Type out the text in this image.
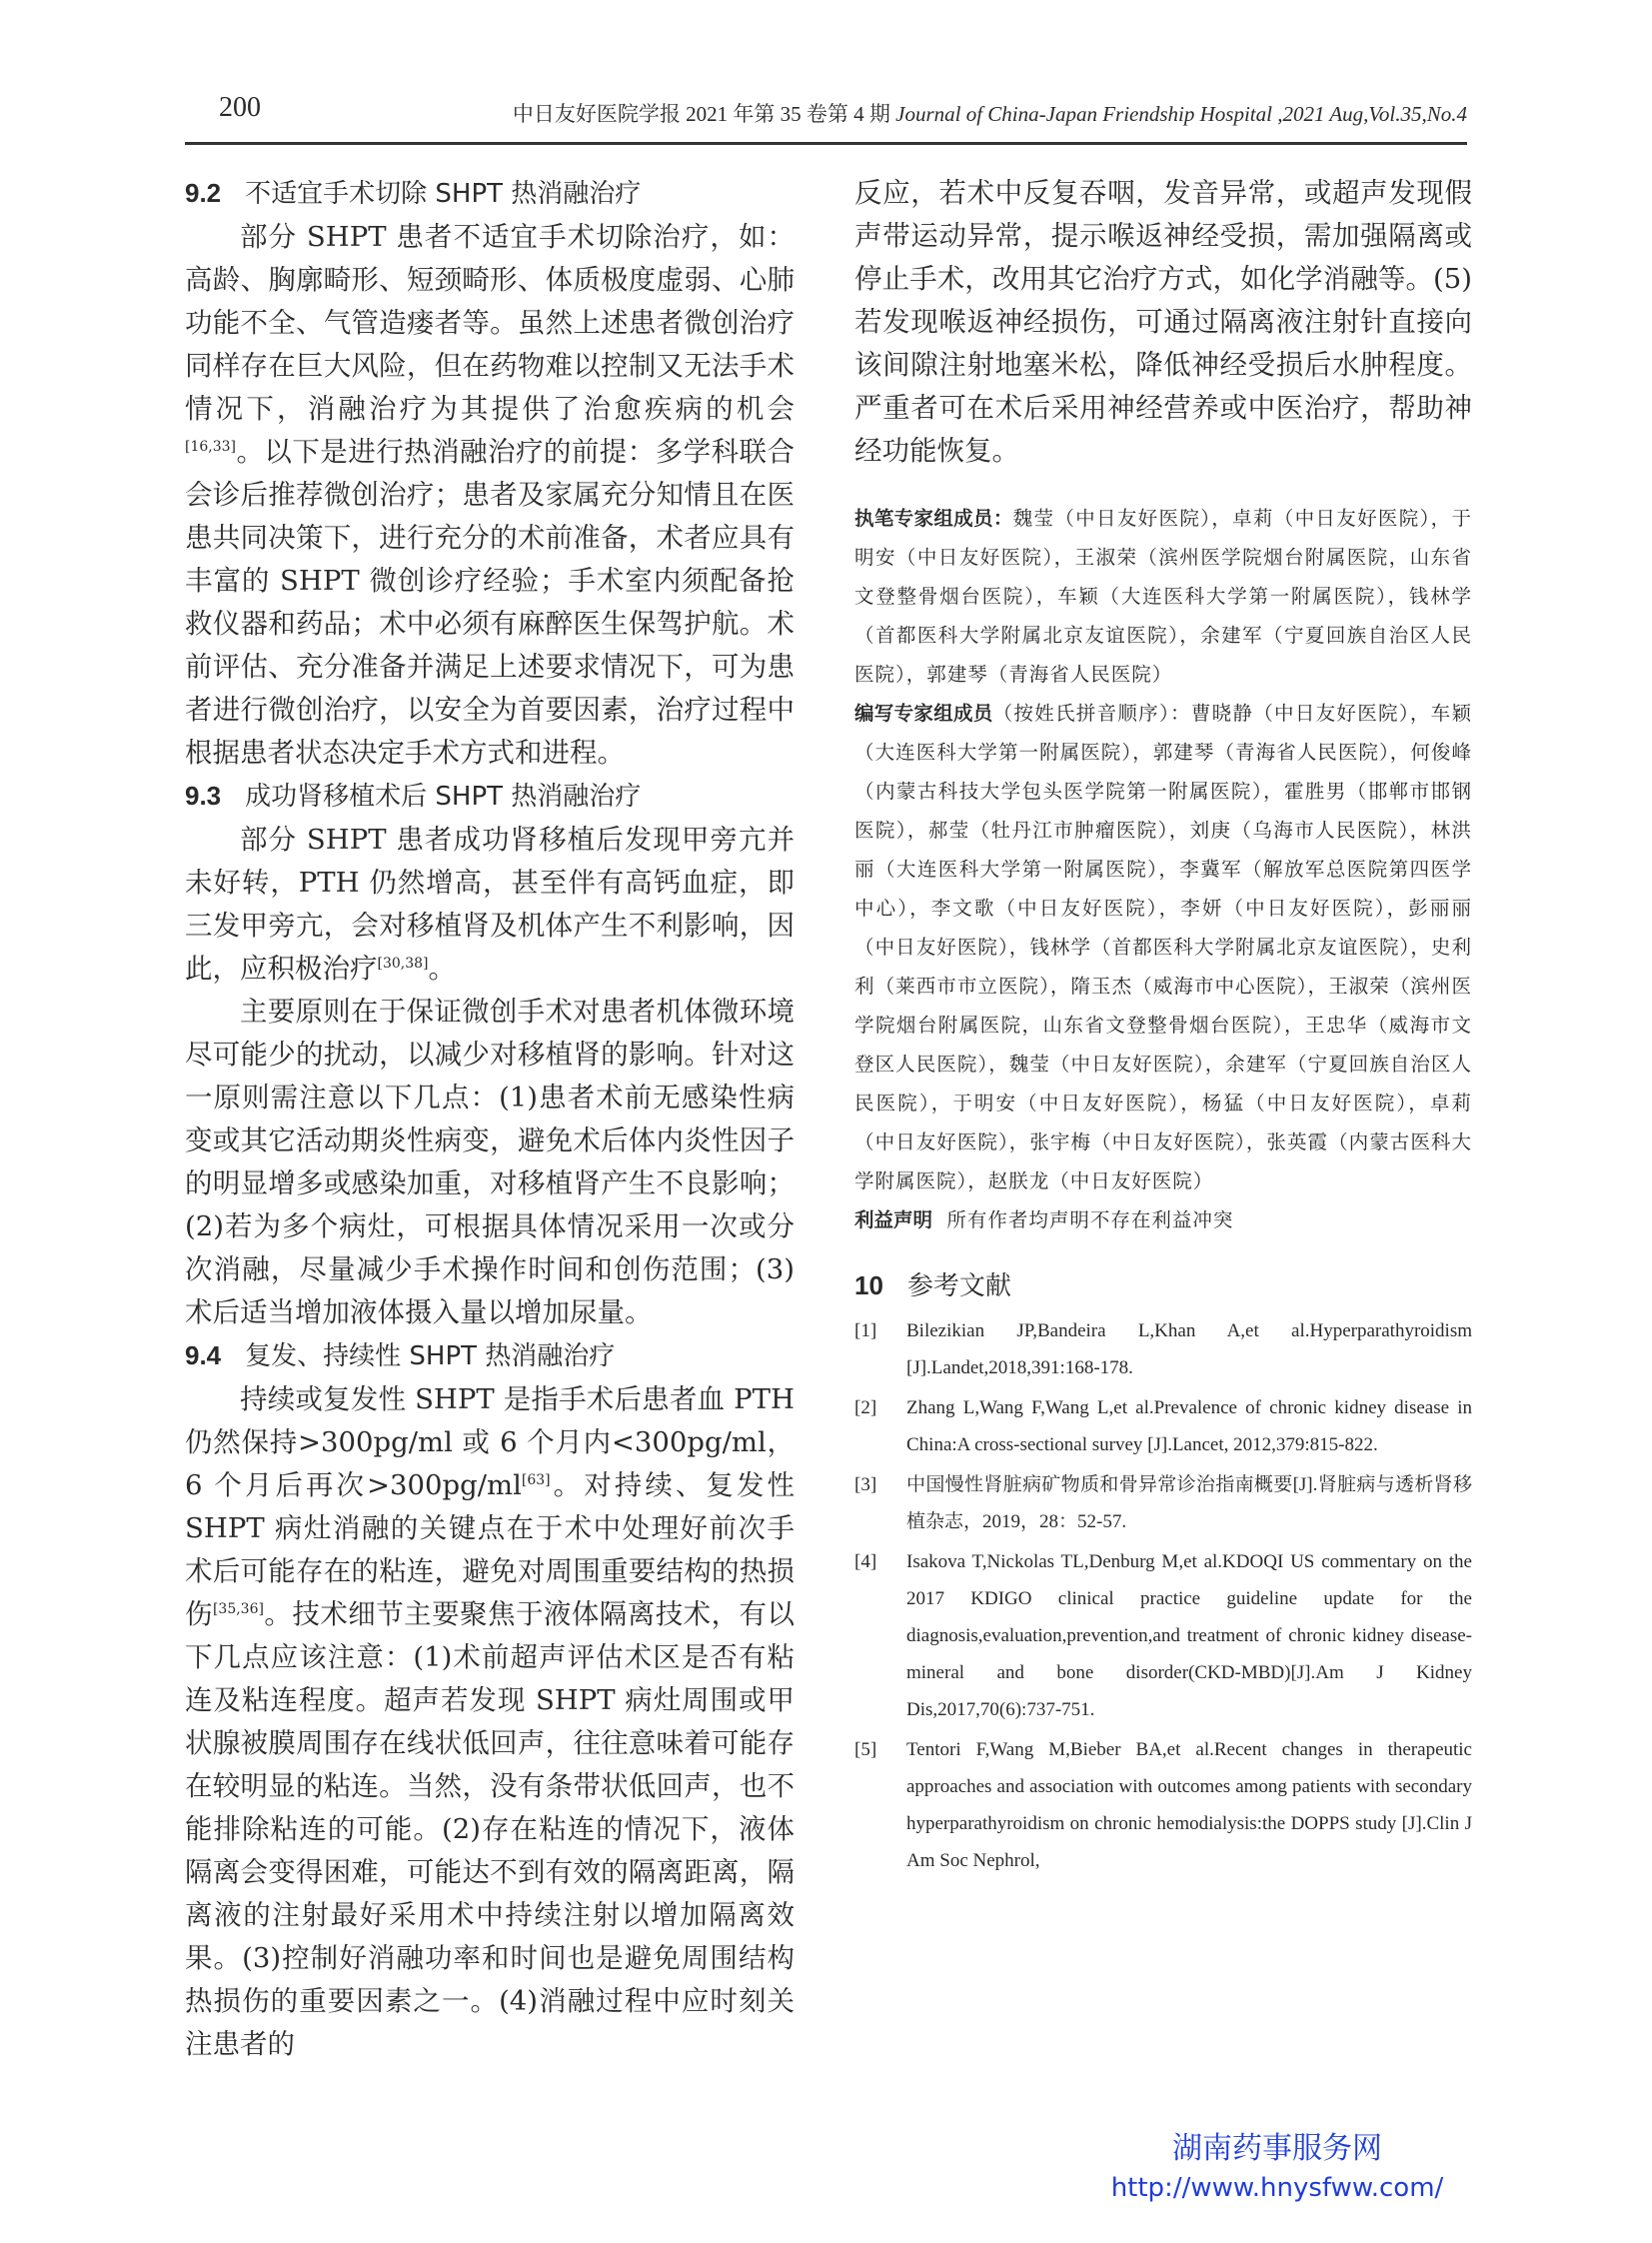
200	中日友好医院学报 2021 年第 35 卷第 4 期 Journal of China-Japan Friendship Hospital ,2021 Aug,Vol.35,No.4

9.2 不适宜手术切除 SHPT 热消融治疗

部分 SHPT 患者不适宜手术切除治疗，如：高龄、胸廓畸形、短颈畸形、体质极度虚弱、心肺功能不全、气管造瘘者等。虽然上述患者微创治疗同样存在巨大风险，但在药物难以控制又无法手术情况下，消融治疗为其提供了治愈疾病的机会[16,33]。以下是进行热消融治疗的前提：多学科联合会诊后推荐微创治疗；患者及家属充分知情且在医患共同决策下，进行充分的术前准备，术者应具有丰富的 SHPT 微创诊疗经验；手术室内须配备抢救仪器和药品；术中必须有麻醉医生保驾护航。术前评估、充分准备并满足上述要求情况下，可为患者进行微创治疗，以安全为首要因素，治疗过程中根据患者状态决定手术方式和进程。

9.3 成功肾移植术后 SHPT 热消融治疗

部分 SHPT 患者成功肾移植后发现甲旁亢并未好转，PTH 仍然增高，甚至伴有高钙血症，即三发甲旁亢，会对移植肾及机体产生不利影响，因此，应积极治疗[30,38]。

主要原则在于保证微创手术对患者机体微环境尽可能少的扰动，以减少对移植肾的影响。针对这一原则需注意以下几点：(1)患者术前无感染性病变或其它活动期炎性病变，避免术后体内炎性因子的明显增多或感染加重，对移植肾产生不良影响；(2)若为多个病灶，可根据具体情况采用一次或分次消融，尽量减少手术操作时间和创伤范围；(3)术后适当增加液体摄入量以增加尿量。

9.4 复发、持续性 SHPT 热消融治疗

持续或复发性 SHPT 是指手术后患者血 PTH 仍然保持>300pg/ml 或 6 个月内<300pg/ml，6 个月后再次>300pg/ml[63]。对持续、复发性 SHPT 病灶消融的关键点在于术中处理好前次手术后可能存在的粘连，避免对周围重要结构的热损伤[35,36]。技术细节主要聚焦于液体隔离技术，有以下几点应该注意：(1)术前超声评估术区是否有粘连及粘连程度。超声若发现 SHPT 病灶周围或甲状腺被膜周围存在线状低回声，往往意味着可能存在较明显的粘连。当然，没有条带状低回声，也不能排除粘连的可能。(2)存在粘连的情况下，液体隔离会变得困难，可能达不到有效的隔离距离，隔离液的注射最好采用术中持续注射以增加隔离效果。(3)控制好消融功率和时间也是避免周围结构热损伤的重要因素之一。(4)消融过程中应时刻关注患者的

反应，若术中反复吞咽，发音异常，或超声发现假声带运动异常，提示喉返神经受损，需加强隔离或停止手术，改用其它治疗方式，如化学消融等。(5)若发现喉返神经损伤，可通过隔离液注射针直接向该间隙注射地塞米松，降低神经受损后水肿程度。严重者可在术后采用神经营养或中医治疗，帮助神经功能恢复。

执笔专家组成员：魏莹（中日友好医院），卓莉（中日友好医院），于明安（中日友好医院），王淑荣（滨州医学院烟台附属医院，山东省文登整骨烟台医院），车颖（大连医科大学第一附属医院），钱林学（首都医科大学附属北京友谊医院），余建军（宁夏回族自治区人民医院），郭建琴（青海省人民医院）

编写专家组成员（按姓氏拼音顺序）：曹晓静（中日友好医院），车颖（大连医科大学第一附属医院），郭建琴（青海省人民医院），何俊峰（内蒙古科技大学包头医学院第一附属医院），霍胜男（邯郸市邯钢医院），郝莹（牡丹江市肿瘤医院），刘庚（乌海市人民医院），林洪丽（大连医科大学第一附属医院），李冀军（解放军总医院第四医学中心），李文歌（中日友好医院），李妍（中日友好医院），彭丽丽（中日友好医院），钱林学（首都医科大学附属北京友谊医院），史利利（莱西市市立医院），隋玉杰（威海市中心医院），王淑荣（滨州医学院烟台附属医院，山东省文登整骨烟台医院），王忠华（威海市文登区人民医院），魏莹（中日友好医院），余建军（宁夏回族自治区人民医院），于明安（中日友好医院），杨猛（中日友好医院），卓莉（中日友好医院），张宇梅（中日友好医院），张英霞（内蒙古医科大学附属医院），赵朕龙（中日友好医院）

利益声明 所有作者均声明不存在利益冲突

10 参考文献

[1]	Bilezikian JP,Bandeira L,Khan A,et al.Hyperparathyroidism [J].Landet,2018,391:168-178.
[2]	Zhang L,Wang F,Wang L,et al.Prevalence of chronic kidney disease in China:A cross-sectional survey [J].Lancet, 2012,379:815-822.
[3]	中国慢性肾脏病矿物质和骨异常诊治指南概要[J].肾脏病与透析肾移植杂志，2019，28：52-57.
[4]	Isakova T,Nickolas TL,Denburg M,et al.KDOQI US commentary on the 2017 KDIGO clinical practice guideline update for the diagnosis,evaluation,prevention,and treatment of chronic kidney disease-mineral and bone disorder(CKD-MBD)[J].Am J Kidney Dis,2017,70(6):737-751.
[5]	Tentori F,Wang M,Bieber BA,et al.Recent changes in therapeutic approaches and association with outcomes among patients with secondary hyperparathyroidism on chronic hemodialysis:the DOPPS study [J].Clin J Am Soc Nephrol,
湖南药事服务网
http://www.hnysfww.com/
